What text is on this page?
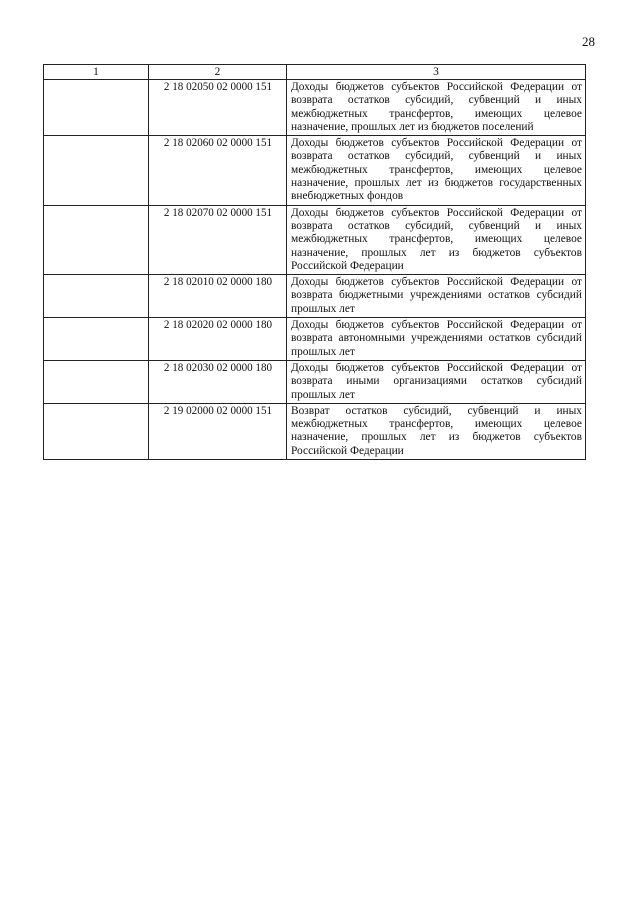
28
1	2	3
	2 18 02050 02 0000 151	Доходы бюджетов субъектов Российской Федерации от возврата остатков субсидий, субвенций и иных межбюджетных трансфертов, имеющих целевое назначение, прошлых лет из бюджетов поселений
	2 18 02060 02 0000 151	Доходы бюджетов субъектов Российской Федерации от возврата остатков субсидий, субвенций и иных межбюджетных трансфертов, имеющих целевое назначение, прошлых лет из бюджетов государственных внебюджетных фондов
	2 18 02070 02 0000 151	Доходы бюджетов субъектов Российской Федерации от возврата остатков субсидий, субвенций и иных межбюджетных трансфертов, имеющих целевое назначение, прошлых лет из бюджетов субъектов Российской Федерации
	2 18 02010 02 0000 180	Доходы бюджетов субъектов Российской Федерации от возврата бюджетными учреждениями остатков субсидий прошлых лет
	2 18 02020 02 0000 180	Доходы бюджетов субъектов Российской Федерации от возврата автономными учреждениями остатков субсидий прошлых лет
	2 18 02030 02 0000 180	Доходы бюджетов субъектов Российской Федерации от возврата иными организациями остатков субсидий прошлых лет
	2 19 02000 02 0000 151	Возврат остатков субсидий, субвенций и иных межбюджетных трансфертов, имеющих целевое назначение, прошлых лет из бюджетов субъектов Российской Федерации
